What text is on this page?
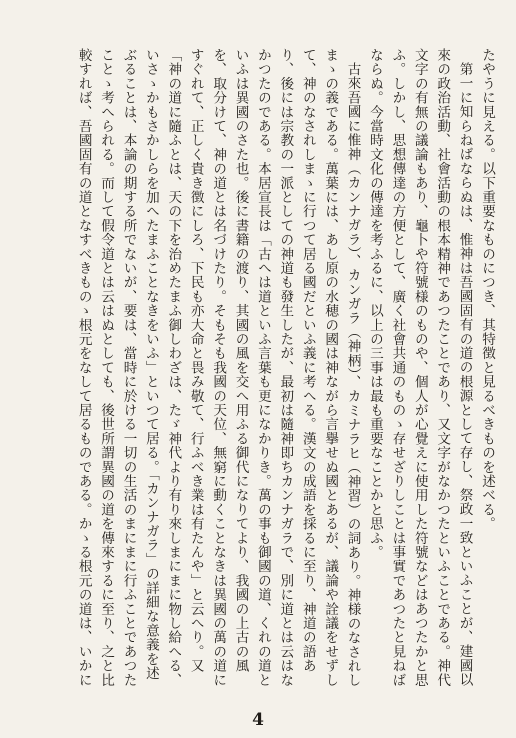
たやうに見える。以下重要なものにつき、其特徴と見るべきものを述べる。

第一に知らねばならぬは、惟神は吾國固有の道の根源として存し、祭政一致といふことが、建國以來の政治活動、社會活動の根本精神であつたことであり、又文字がなかつたといふことである。神代文字の有無の議論もあり、龜卜や符號様のものや、個人が心覺えに使用した符號などはあつたかと思ふ。しかし、思想傳達の方便として、廣く社會共通のものゝ存せざりしことは事實であつたと見ねばならぬ。今當時文化の傳達を考ふるに、以上の三事は最も重要なことかと思ふ。

古來吾國に惟神（カンナガラ）、カンガラ（神柄）、カミナラヒ（神習）の詞あり。神様のなされしまゝの義である。萬葉には、あし原の水穂の國は神ながら言擧せぬ國とあるが、議論や詮議をせずして、神のなされしまゝに行つて居る國だといふ義に考へる。漢文の成語を採るに至り、神道の語あり、後には宗教の一派としての神道も發生したが、最初は隨神即ちカンナガラで、別に道とは云はなかつたのである。本居宣長は「古へは道といふ言葉も更になかりき。萬の事も御國の道、くれの道といふは異國のさた也。後に書籍の渡り、其國の風を交へ用ふる御代になりてより、我國の上古の風を、取分けて、神の道とは名づけたり。そもそも我國の天位、無窮に動くことなきは異國の萬の道にすぐれて、正しく貴き徴にしろ、下民も亦大命と畏み敬て、行ふべき業は有たんや」と云へり。又「神の道に隨ふとは、天の下を治めたまふ御しわざは、たゞ神代より有り來しまにまに物し給へる、いさゝかもさかしらを加へたまふことなきをいふ」といつて居る。「カンナガラ」の詳細な意義を述ぶることは、本論の期する所でないが、要は、當時に於ける一切の生活のまにまに行ふことであつたことゝ考へられる。而して假令道とは云はぬとしても、後世所謂異國の道を傳來するに至り、之と比較すれば、吾國固有の道となすべきものゝ根元をなして居るものである。かゝる根元の道は、いかに

4
